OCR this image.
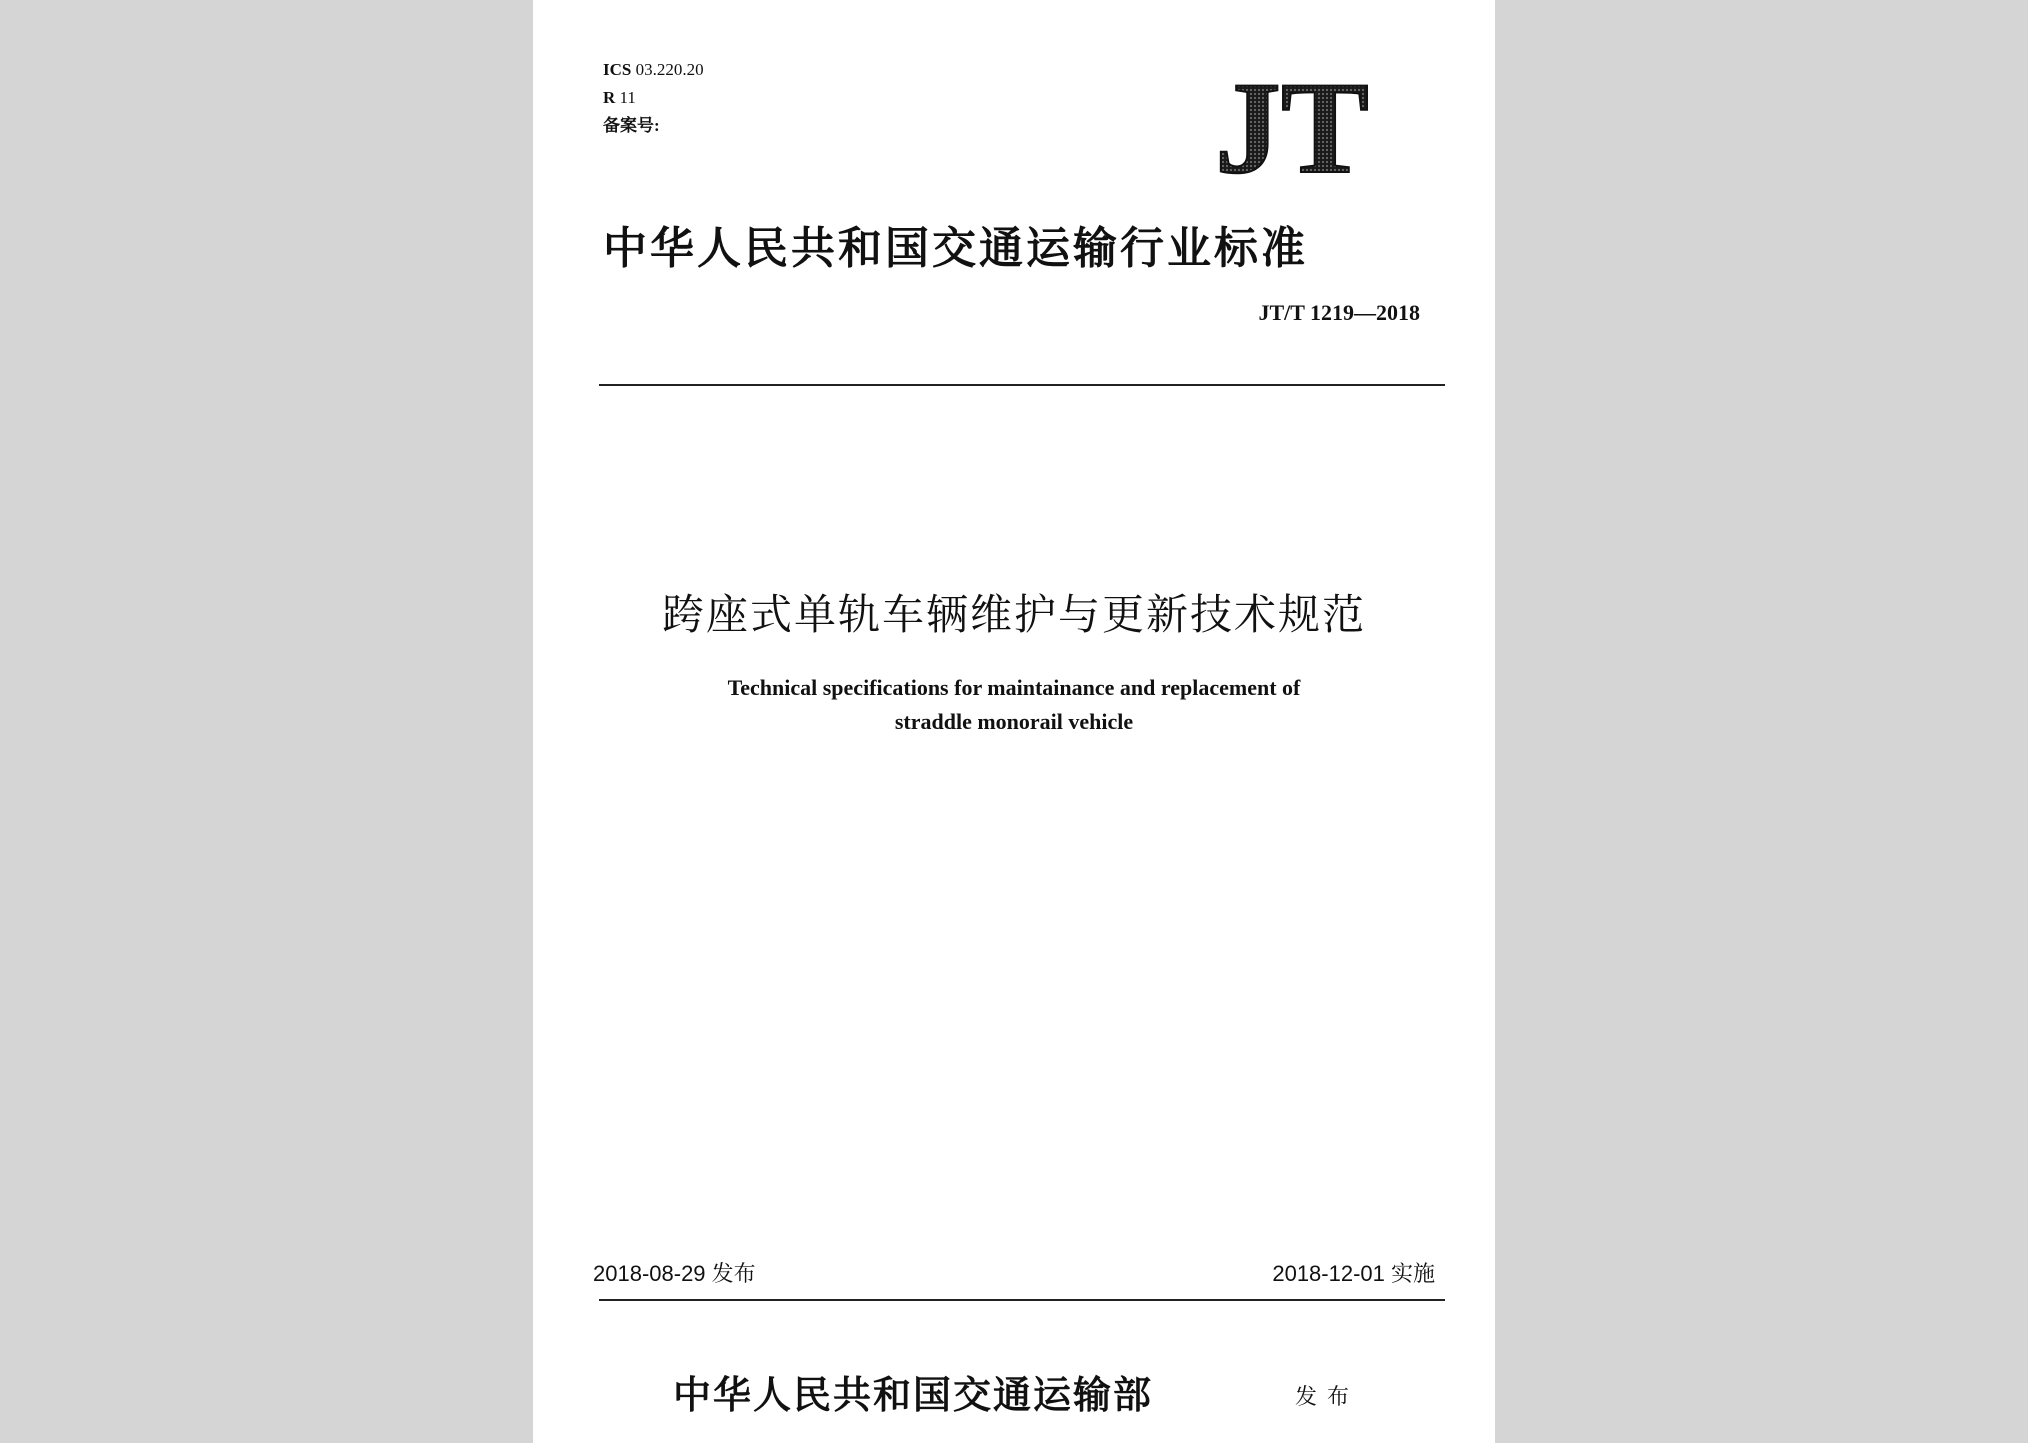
ICS 03.220.20
R 11
备案号:	JT
中华人民共和国交通运输行业标准
JT/T 1219—2018
跨座式单轨车辆维护与更新技术规范
Technical specifications for maintainance and replacement of
straddle monorail vehicle
2018-08-29 发布	2018-12-01 实施
中华人民共和国交通运输部	发布
